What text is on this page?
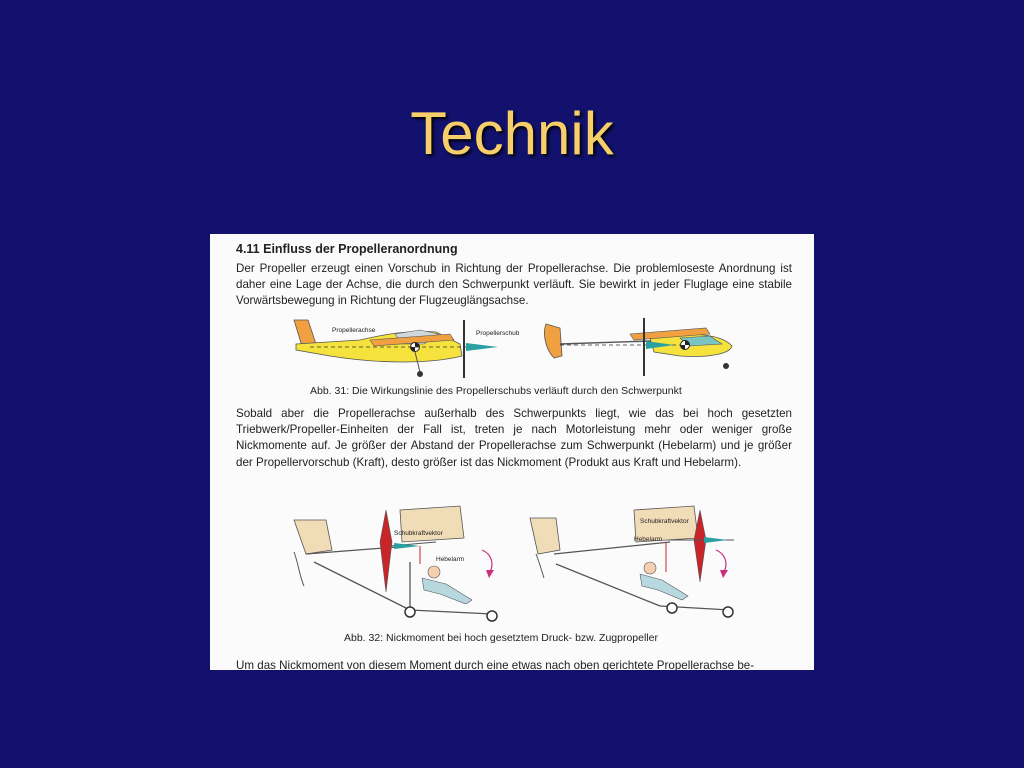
Technik
4.11 Einfluss der Propelleranordnung
Der Propeller erzeugt einen Vorschub in Richtung der Propellerachse. Die problemloseste Anordnung ist daher eine Lage der Achse, die durch den Schwerpunkt verläuft. Sie bewirkt in jeder Fluglage eine stabile Vorwärtsbewegung in Richtung der Flugzeuglängsachse.
Propellerachse	Propellerschub
Abb. 31: Die Wirkungslinie des Propellerschubs verläuft durch den Schwerpunkt
Sobald aber die Propellerachse außerhalb des Schwerpunkts liegt, wie das bei hoch gesetzten Triebwerk/Propeller-Einheiten der Fall ist, treten je nach Motorleistung mehr oder weniger große Nickmomente auf. Je größer der Abstand der Propellerachse zum Schwerpunkt (Hebelarm) und je größer der Propellervorschub (Kraft), desto größer ist das Nickmoment (Produkt aus Kraft und Hebelarm).
Schubkraftvektor
Hebelarm
Schubkraftvektor
Hebelarm
Abb. 32: Nickmoment bei hoch gesetztem Druck- bzw. Zugpropeller
Um das Nickmoment von diesem Moment durch eine etwas nach oben gerichtete Propellerachse be-
